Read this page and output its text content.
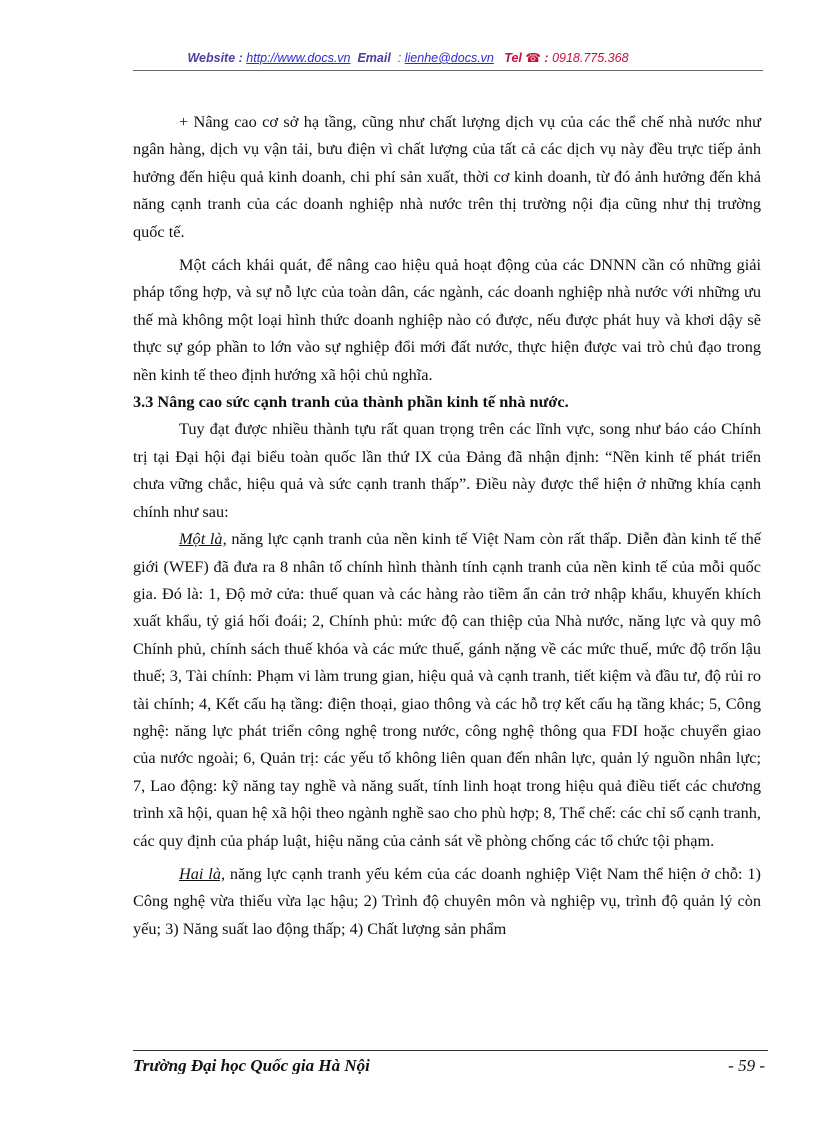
Website : http://www.docs.vn Email : lienhe@docs.vn Tel ☎ : 0918.775.368

+ Nâng cao cơ sở hạ tầng, cũng như chất lượng dịch vụ của các thể chế nhà nước như ngân hàng, dịch vụ vận tải, bưu điện vì chất lượng của tất cả các dịch vụ này đều trực tiếp ảnh hưởng đến hiệu quả kinh doanh, chi phí sản xuất, thời cơ kinh doanh, từ đó ảnh hưởng đến khả năng cạnh tranh của các doanh nghiệp nhà nước trên thị trường nội địa cũng như thị trường quốc tế.

Một cách khái quát, để nâng cao hiệu quả hoạt động của các DNNN cần có những giải pháp tổng hợp, và sự nỗ lực của toàn dân, các ngành, các doanh nghiệp nhà nước với những ưu thế mà không một loại hình thức doanh nghiệp nào có được, nếu được phát huy và khơi dậy sẽ thực sự góp phần to lớn vào sự nghiệp đổi mới đất nước, thực hiện được vai trò chủ đạo trong nền kinh tế theo định hướng xã hội chủ nghĩa.

3.3 Nâng cao sức cạnh tranh của thành phần kinh tế nhà nước.

Tuy đạt được nhiều thành tựu rất quan trọng trên các lĩnh vực, song như báo cáo Chính trị tại Đại hội đại biểu toàn quốc lần thứ IX của Đảng đã nhận định: “Nền kinh tế phát triển chưa vững chắc, hiệu quả và sức cạnh tranh thấp”. Điều này được thể hiện ở những khía cạnh chính như sau:

Một là, năng lực cạnh tranh của nền kinh tế Việt Nam còn rất thấp. Diễn đàn kinh tế thế giới (WEF) đã đưa ra 8 nhân tố chính hình thành tính cạnh tranh của nền kinh tế của mỗi quốc gia. Đó là: 1, Độ mở cửa: thuế quan và các hàng rào tiềm ẩn cản trở nhập khẩu, khuyến khích xuất khẩu, tỷ giá hối đoái; 2, Chính phủ: mức độ can thiệp của Nhà nước, năng lực và quy mô Chính phủ, chính sách thuế khóa và các mức thuế, gánh nặng về các mức thuế, mức độ trốn lậu thuế; 3, Tài chính: Phạm vi làm trung gian, hiệu quả và cạnh tranh, tiết kiệm và đầu tư, độ rủi ro tài chính; 4, Kết cấu hạ tầng: điện thoại, giao thông và các hỗ trợ kết cấu hạ tầng khác; 5, Công nghệ: năng lực phát triển công nghệ trong nước, công nghệ thông qua FDI hoặc chuyển giao của nước ngoài; 6, Quản trị: các yếu tố không liên quan đến nhân lực, quản lý nguồn nhân lực; 7, Lao động: kỹ năng tay nghề và năng suất, tính linh hoạt trong hiệu quả điều tiết các chương trình xã hội, quan hệ xã hội theo ngành nghề sao cho phù hợp; 8, Thể chế: các chỉ số cạnh tranh, các quy định của pháp luật, hiệu năng của cảnh sát về phòng chống các tổ chức tội phạm.

Hai là, năng lực cạnh tranh yếu kém của các doanh nghiệp Việt Nam thể hiện ở chỗ: 1) Công nghệ vừa thiếu vừa lạc hậu; 2) Trình độ chuyên môn và nghiệp vụ, trình độ quản lý còn yếu; 3) Năng suất lao động thấp; 4) Chất lượng sản phẩm

Trường Đại học Quốc gia Hà Nội	- 59 -
